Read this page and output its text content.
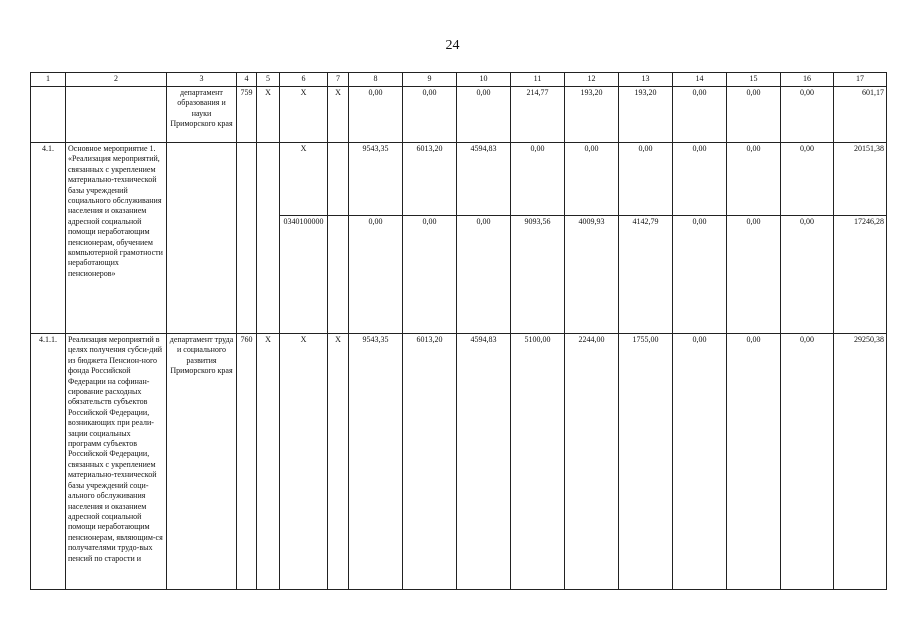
24
1	2	3	4	5	6	7	8	9	10	11	12	13	14	15	16	17
		департамент образования и науки Приморского края	759	X	X	X	0,00	0,00	0,00	214,77	193,20	193,20	0,00	0,00	0,00	601,17
4.1.	Основное мероприятие 1. «Реализация мероприятий, связанных с укреплением материально-технической базы учреждений социального обслуживания населения и оказанием адресной социальной помощи неработающим пенсионерам, обучением компьютерной грамотности неработающих пенсионеров»				X		9543,35	6013,20	4594,83	0,00	0,00	0,00	0,00	0,00	0,00	20151,38
					0340100000		0,00	0,00	0,00	9093,56	4009,93	4142,79	0,00	0,00	0,00	17246,28
4.1.1.	Реализация мероприятий в целях получения субси-дий из бюджета Пенсион-ного фонда Российской Федерации на софинан-сирование расходных обязательств субъектов Российской Федерации, возникающих при реали-зации социальных программ субъектов Российской Федерации, связанных с укреплением материально-технической базы учреждений соци-ального обслуживания населения и оказанием адресной социальной помощи неработающим пенсионерам, являющим-ся получателями трудо-вых пенсий по старости и	департамент труда и социального развития Приморского края	760	X	X	X	9543,35	6013,20	4594,83	5100,00	2244,00	1755,00	0,00	0,00	0,00	29250,38
